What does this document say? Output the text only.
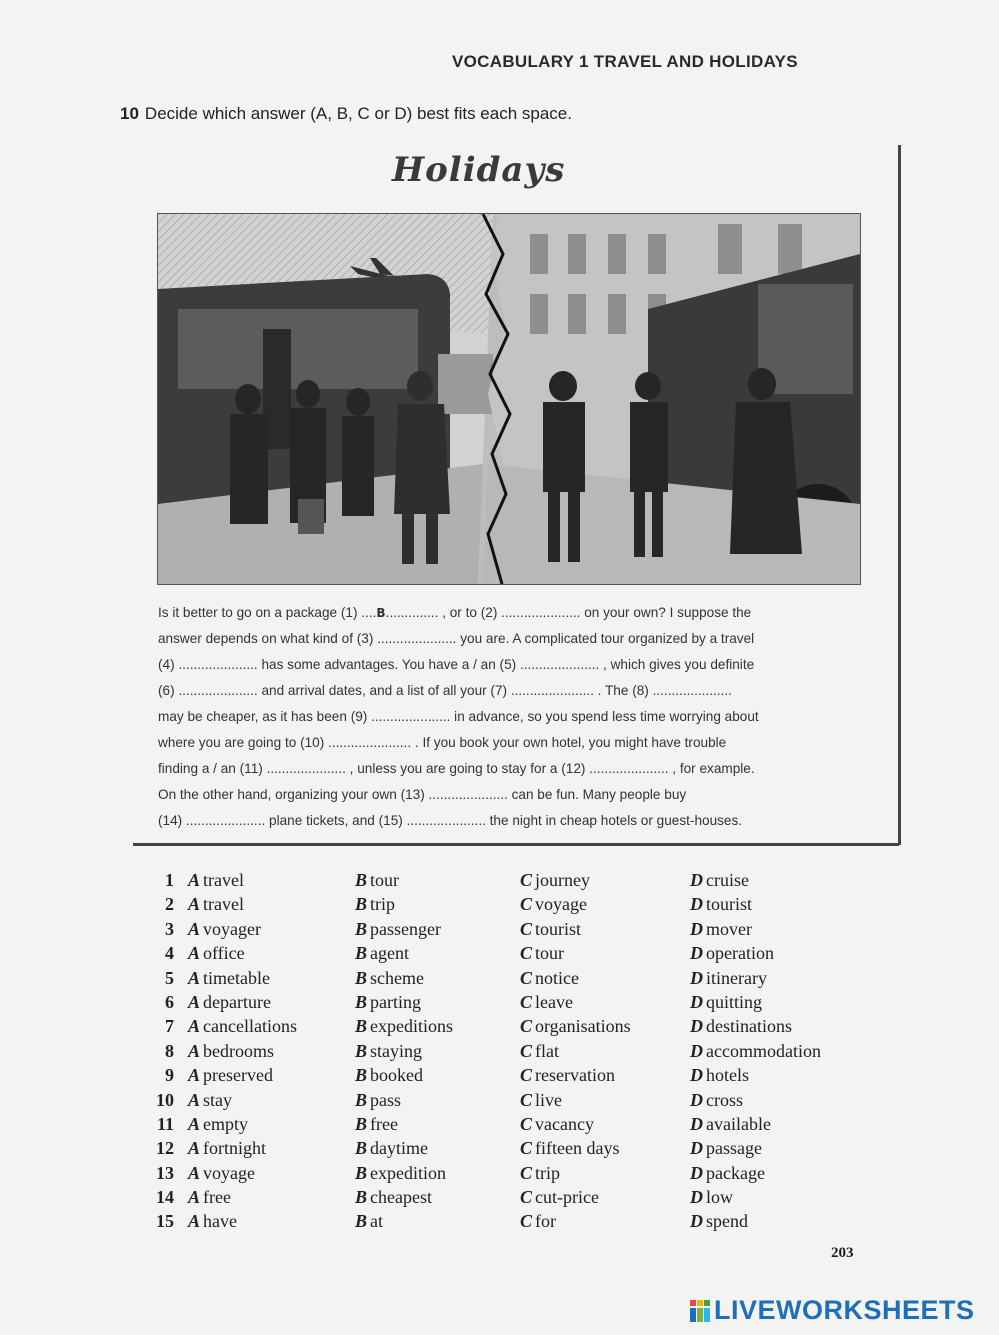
VOCABULARY 1 TRAVEL AND HOLIDAYS
10 Decide which answer (A, B, C or D) best fits each space.
Holidays
Is it better to go on a package (1) ....B.............. , or to (2) ..................... on your own? I suppose the
answer depends on what kind of (3) ..................... you are. A complicated tour organized by a travel
(4) ..................... has some advantages. You have a / an (5) ..................... , which gives you definite
(6) ..................... and arrival dates, and a list of all your (7) ...................... . The (8) .....................
may be cheaper, as it has been (9) ..................... in advance, so you spend less time worrying about
where you are going to (10) ...................... . If you book your own hotel, you might have trouble
finding a / an (11) ..................... , unless you are going to stay for a (12) ..................... , for example.
On the other hand, organizing your own (13) ..................... can be fun. Many people buy
(14) ..................... plane tickets, and (15) ..................... the night in cheap hotels or guest-houses.
1 A travel	B tour	C journey	D cruise
2 A travel	B trip	C voyage	D tourist
3 A voyager	B passenger	C tourist	D mover
4 A office	B agent	C tour	D operation
5 A timetable	B scheme	C notice	D itinerary
6 A departure	B parting	C leave	D quitting
7 A cancellations	B expeditions	C organisations	D destinations
8 A bedrooms	B staying	C flat	D accommodation
9 A preserved	B booked	C reservation	D hotels
10 A stay	B pass	C live	D cross
11 A empty	B free	C vacancy	D available
12 A fortnight	B daytime	C fifteen days	D passage
13 A voyage	B expedition	C trip	D package
14 A free	B cheapest	C cut-price	D low
15 A have	B at	C for	D spend
203
LIVEWORKSHEETS
